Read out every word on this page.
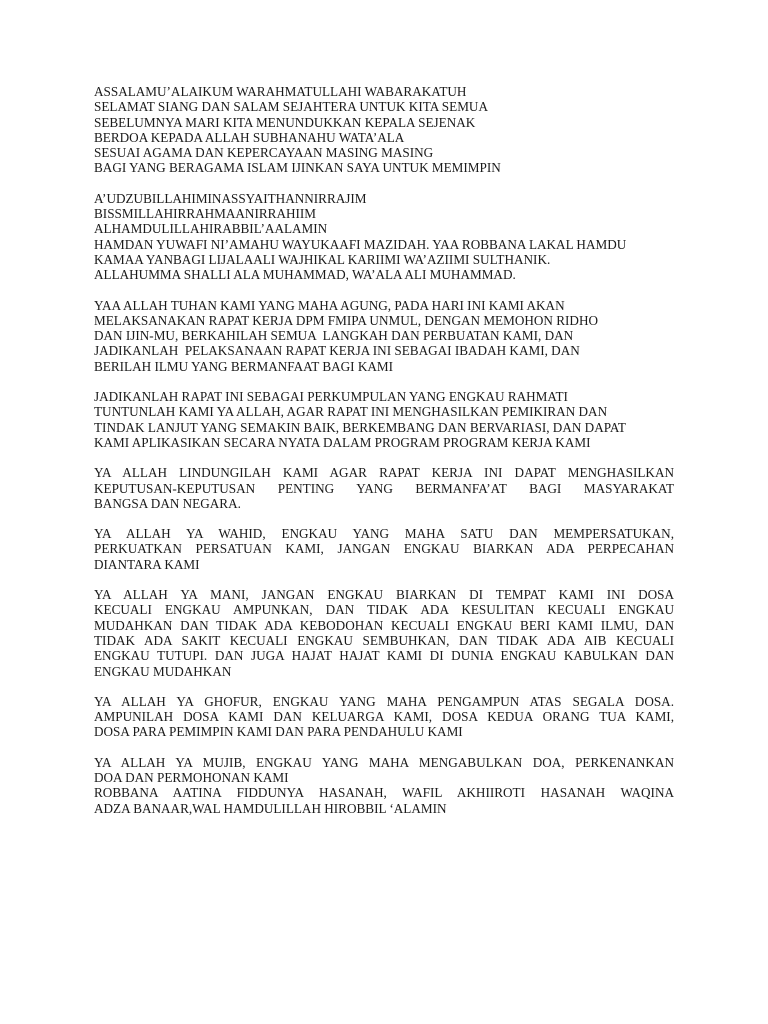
ASSALAMU’ALAIKUM WARAHMATULLAHI WABARAKATUH
SELAMAT SIANG DAN SALAM SEJAHTERA UNTUK KITA SEMUA
SEBELUMNYA MARI KITA MENUNDUKKAN KEPALA SEJENAK
BERDOA KEPADA ALLAH SUBHANAHU WATA’ALA
SESUAI AGAMA DAN KEPERCAYAAN MASING MASING
BAGI YANG BERAGAMA ISLAM IJINKAN SAYA UNTUK MEMIMPIN
A’UDZUBILLAHIMINASSYAITHANNIRRAJIM
BISSMILLAHIRRAHMAANIRRAHIIM
ALHAMDULILLAHIRABBIL’AALAMIN
HAMDAN YUWAFI NI’AMAHU WAYUKAAFI MAZIDAH. YAA ROBBANA LAKAL HAMDU
KAMAA YANBAGI LIJALAALI WAJHIKAL KARIIMI WA’AZIIMI SULTHANIK.
ALLAHUMMA SHALLI ALA MUHAMMAD, WA’ALA ALI MUHAMMAD.
YAA ALLAH TUHAN KAMI YANG MAHA AGUNG, PADA HARI INI KAMI AKAN
MELAKSANAKAN RAPAT KERJA DPM FMIPA UNMUL, DENGAN MEMOHON RIDHO
DAN IJIN-MU, BERKAHILAH SEMUA  LANGKAH DAN PERBUATAN KAMI, DAN
JADIKANLAH  PELAKSANAAN RAPAT KERJA INI SEBAGAI IBADAH KAMI, DAN
BERILAH ILMU YANG BERMANFAAT BAGI KAMI
JADIKANLAH RAPAT INI SEBAGAI PERKUMPULAN YANG ENGKAU RAHMATI
TUNTUNLAH KAMI YA ALLAH, AGAR RAPAT INI MENGHASILKAN PEMIKIRAN DAN
TINDAK LANJUT YANG SEMAKIN BAIK, BERKEMBANG DAN BERVARIASI, DAN DAPAT
KAMI APLIKASIKAN SECARA NYATA DALAM PROGRAM PROGRAM KERJA KAMI
YA ALLAH LINDUNGILAH KAMI AGAR RAPAT KERJA INI DAPAT MENGHASILKAN
KEPUTUSAN-KEPUTUSAN PENTING YANG BERMANFA’AT BAGI MASYARAKAT
BANGSA DAN NEGARA.
YA ALLAH YA WAHID, ENGKAU YANG MAHA SATU DAN MEMPERSATUKAN,
PERKUATKAN PERSATUAN KAMI, JANGAN ENGKAU BIARKAN ADA PERPECAHAN
DIANTARA KAMI
YA ALLAH YA MANI, JANGAN ENGKAU BIARKAN DI TEMPAT KAMI INI DOSA
KECUALI ENGKAU AMPUNKAN, DAN TIDAK ADA KESULITAN KECUALI ENGKAU
MUDAHKAN DAN TIDAK ADA KEBODOHAN KECUALI ENGKAU BERI KAMI ILMU, DAN
TIDAK ADA SAKIT KECUALI ENGKAU SEMBUHKAN, DAN TIDAK ADA AIB KECUALI
ENGKAU TUTUPI. DAN JUGA HAJAT HAJAT KAMI DI DUNIA ENGKAU KABULKAN DAN
ENGKAU MUDAHKAN
YA ALLAH YA GHOFUR, ENGKAU YANG MAHA PENGAMPUN ATAS SEGALA DOSA.
AMPUNILAH DOSA KAMI DAN KELUARGA KAMI, DOSA KEDUA ORANG TUA KAMI,
DOSA PARA PEMIMPIN KAMI DAN PARA PENDAHULU KAMI
YA ALLAH YA MUJIB, ENGKAU YANG MAHA MENGABULKAN DOA, PERKENANKAN
DOA DAN PERMOHONAN KAMI
ROBBANA AATINA FIDDUNYA HASANAH, WAFIL AKHIIROTI HASANAH WAQINA
ADZA BANAAR,WAL HAMDULILLAH HIROBBIL ‘ALAMIN
